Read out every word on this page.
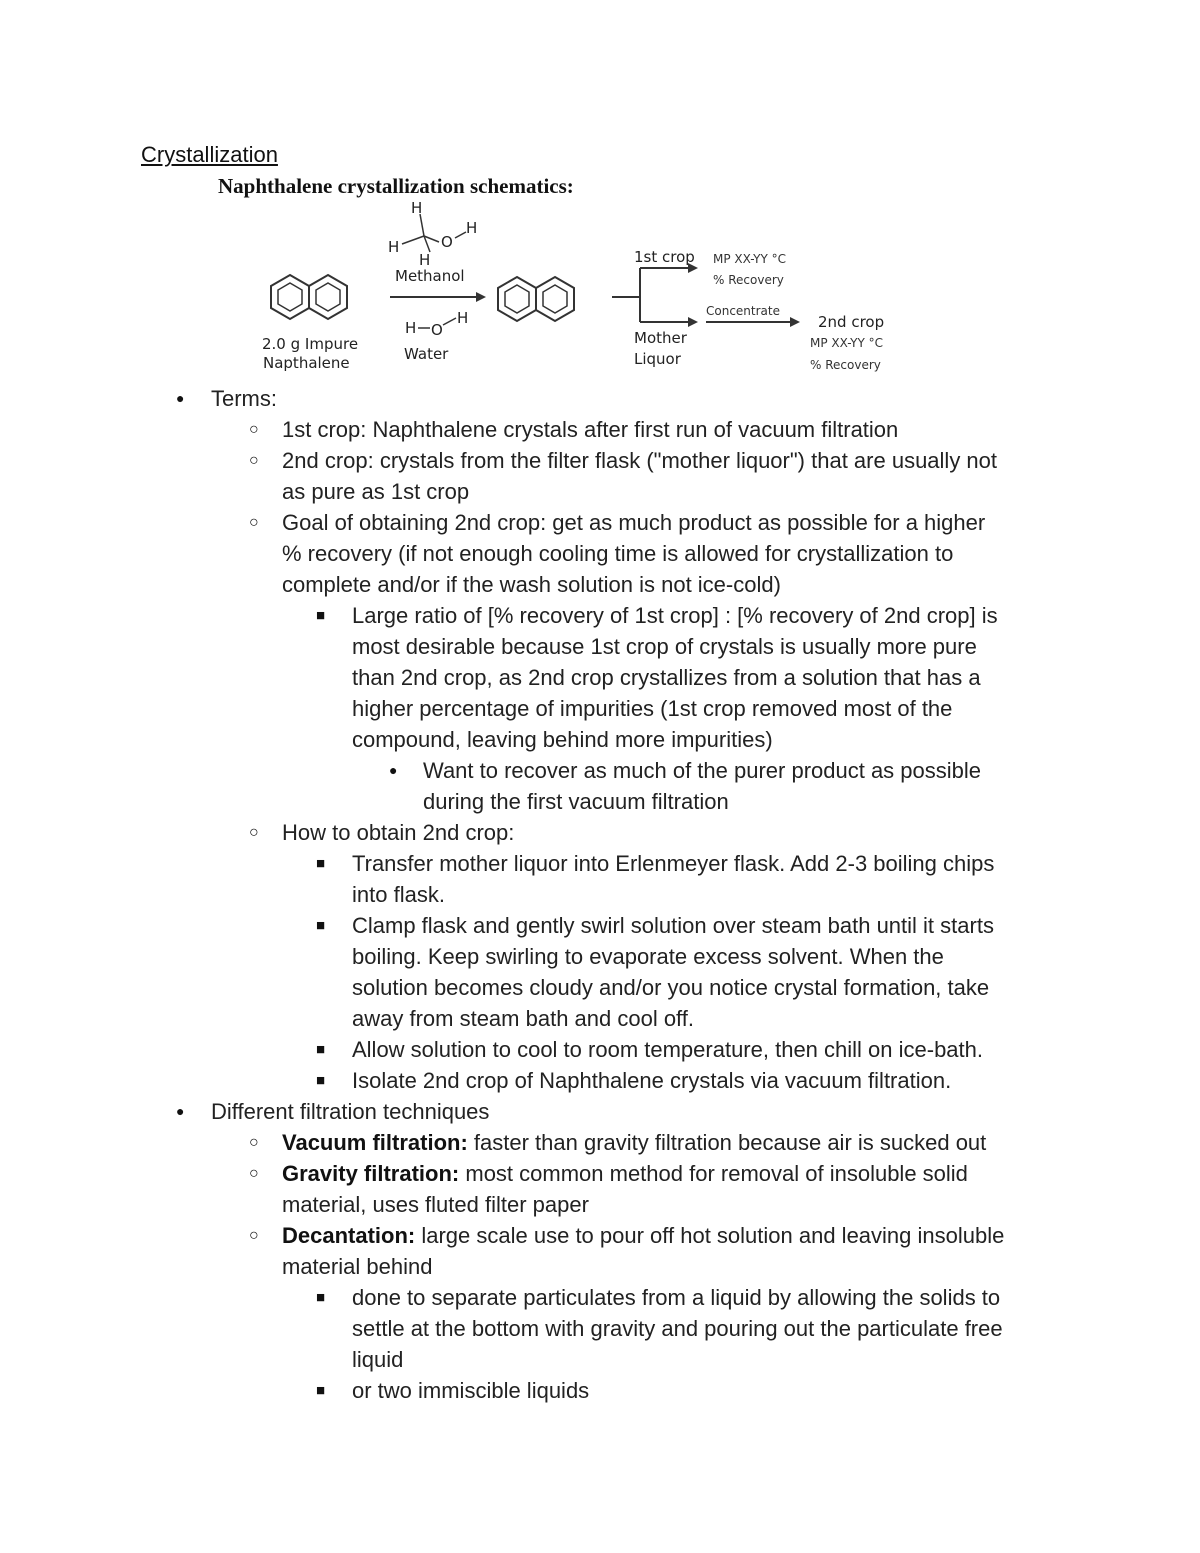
Crystallization
Naphthalene crystallization schematics:
H
H	O
H
H
Methanol
H O
H
Water
2.0 g Impure
Napthalene
1st crop
Mother
Liquor
2nd crop
MP XX-YY °C
% Recovery
Concentrate
MP XX-YY °C
% Recovery
● Terms:
○ 1st crop: Naphthalene crystals after first run of vacuum filtration
○ 2nd crop: crystals from the filter flask ("mother liquor") that are usually not
as pure as 1st crop
○ Goal of obtaining 2nd crop: get as much product as possible for a higher
% recovery (if not enough cooling time is allowed for crystallization to
complete and/or if the wash solution is not ice-cold)
■ Large ratio of [% recovery of 1st crop] : [% recovery of 2nd crop] is
most desirable because 1st crop of crystals is usually more pure
than 2nd crop, as 2nd crop crystallizes from a solution that has a
higher percentage of impurities (1st crop removed most of the
compound, leaving behind more impurities)
● Want to recover as much of the purer product as possible
during the first vacuum filtration
○ How to obtain 2nd crop:
■ Transfer mother liquor into Erlenmeyer flask. Add 2-3 boiling chips
into flask.
■ Clamp flask and gently swirl solution over steam bath until it starts
boiling. Keep swirling to evaporate excess solvent. When the
solution becomes cloudy and/or you notice crystal formation, take
away from steam bath and cool off.
■ Allow solution to cool to room temperature, then chill on ice-bath.
■ Isolate 2nd crop of Naphthalene crystals via vacuum filtration.
● Different filtration techniques
○ Vacuum filtration: faster than gravity filtration because air is sucked out
○ Gravity filtration: most common method for removal of insoluble solid
material, uses fluted filter paper
○ Decantation: large scale use to pour off hot solution and leaving insoluble
material behind
■ done to separate particulates from a liquid by allowing the solids to
settle at the bottom with gravity and pouring out the particulate free
liquid
■ or two immiscible liquids
